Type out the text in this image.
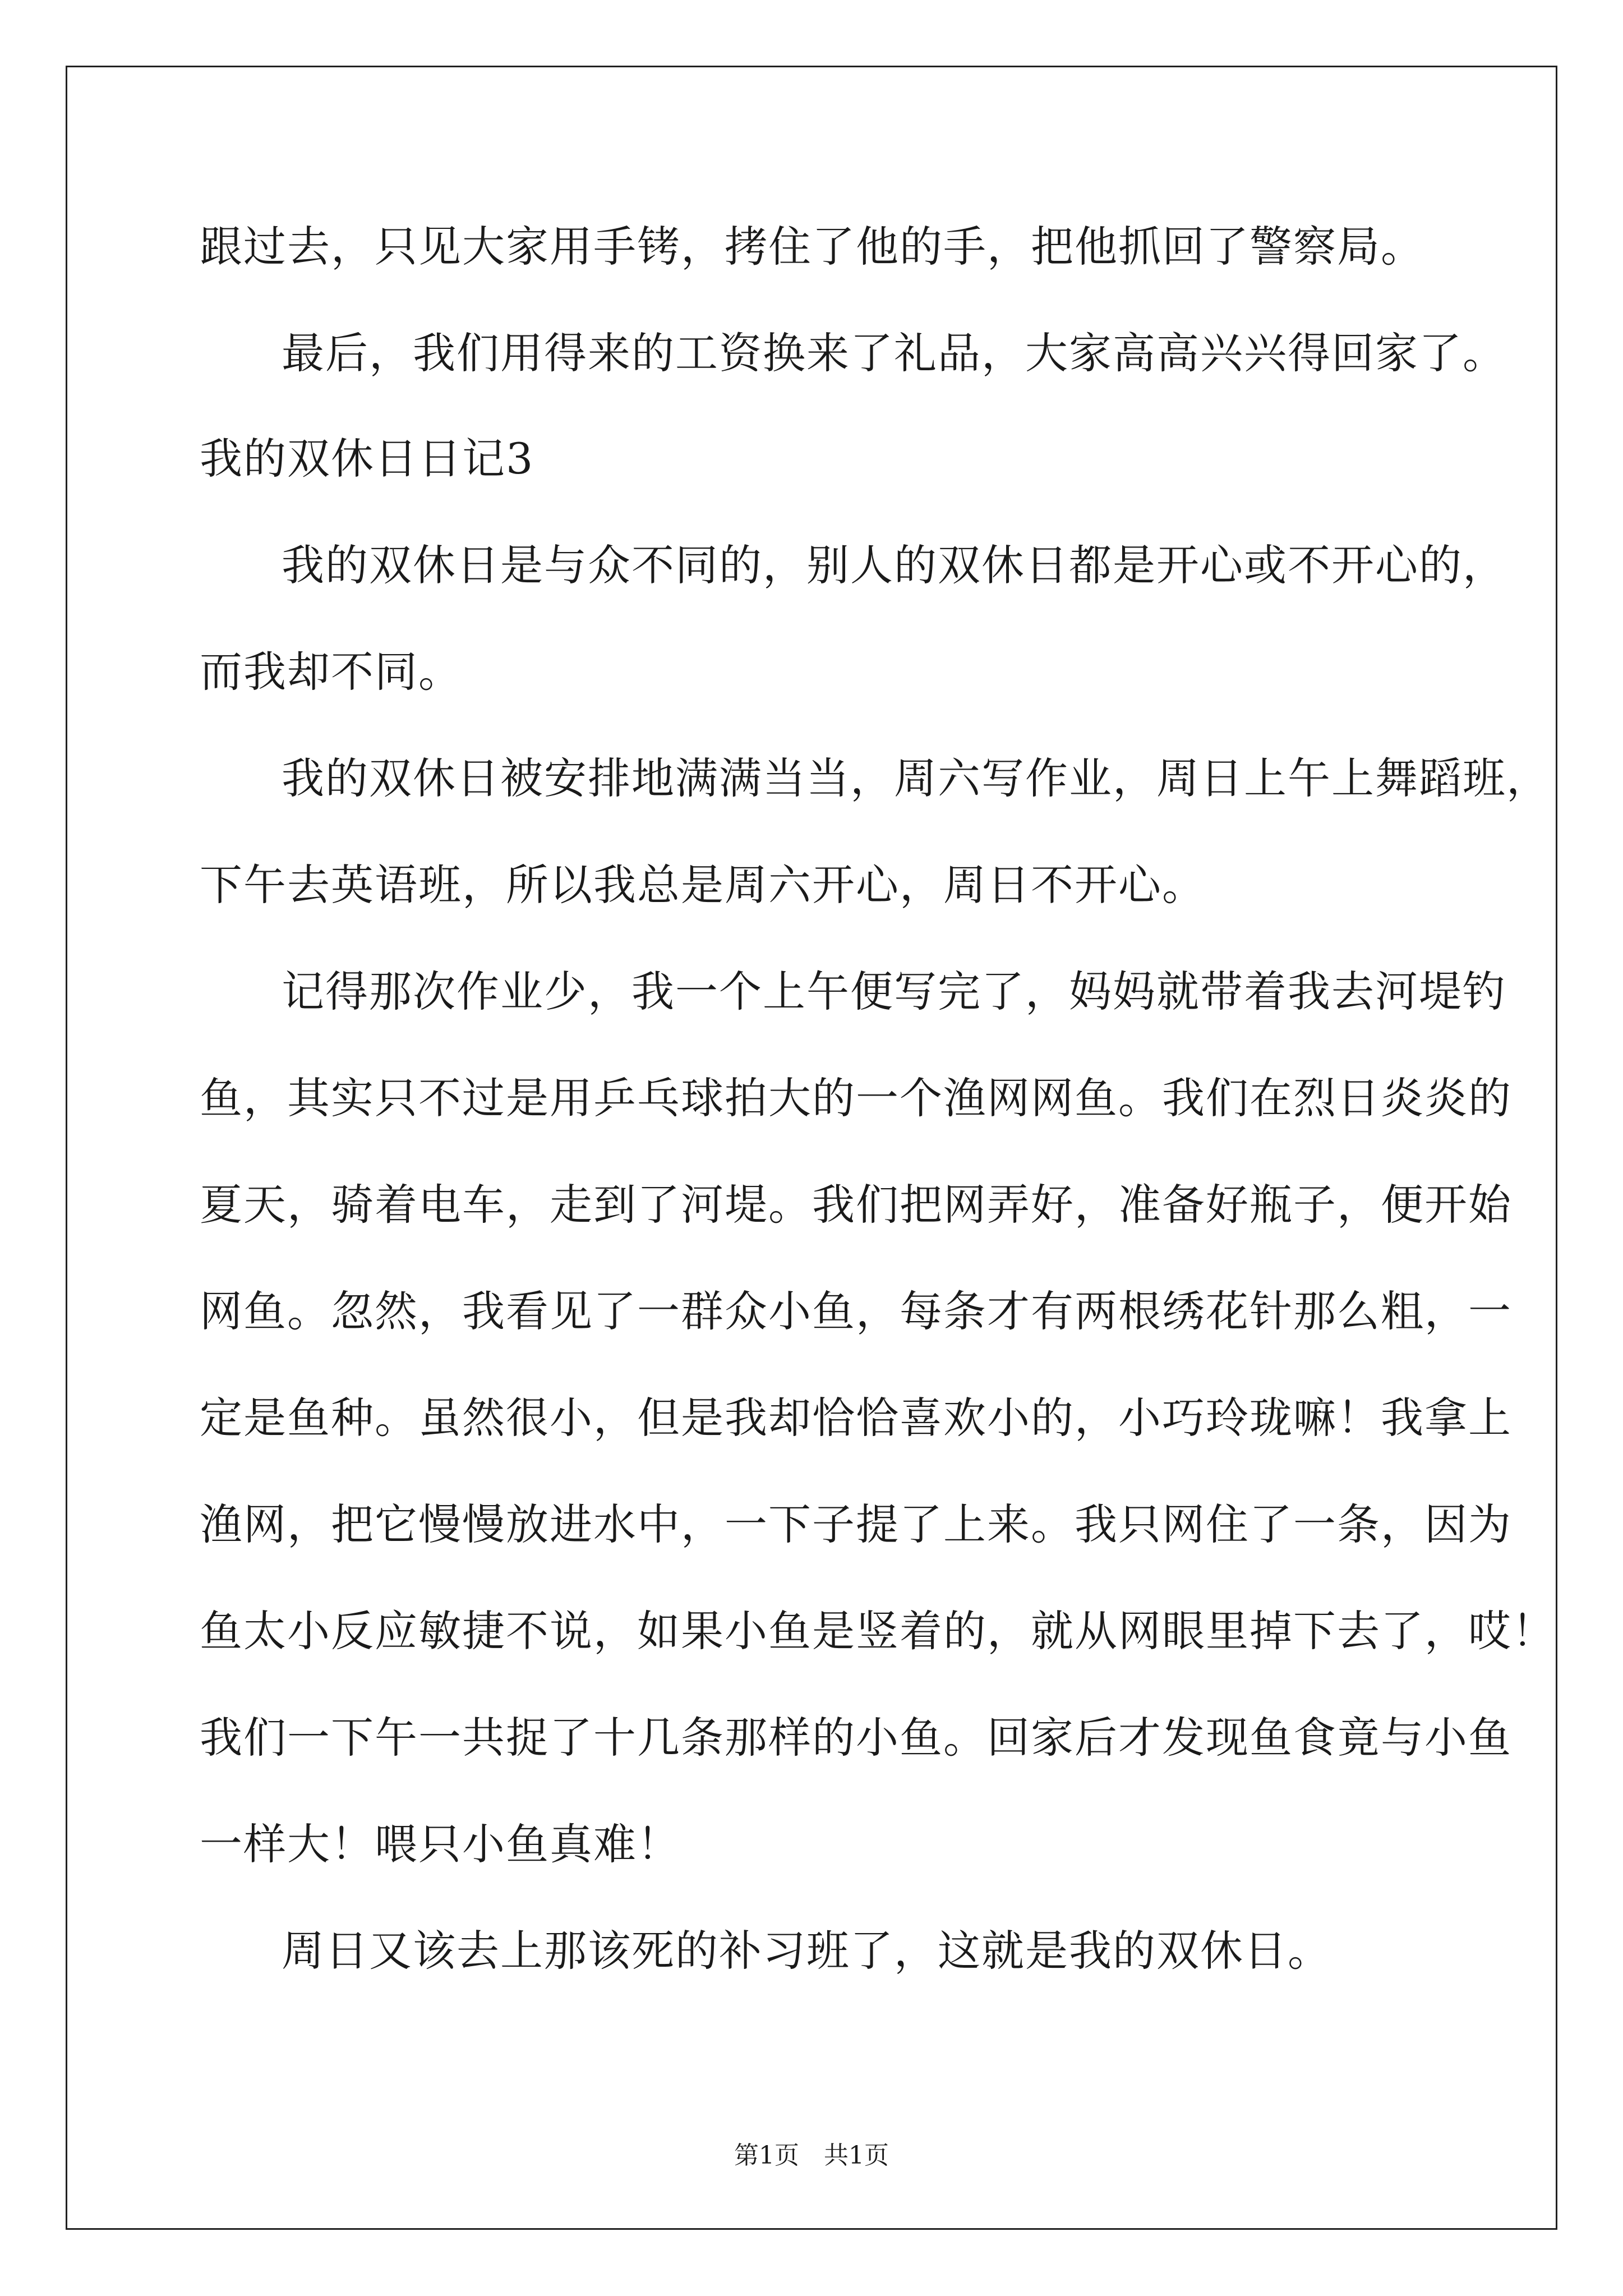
跟过去，只见大家用手铐，拷住了他的手，把他抓回了警察局。
最后，我们用得来的工资换来了礼品，大家高高兴兴得回家了。
我的双休日日记3
我的双休日是与众不同的，别人的双休日都是开心或不开心的，
而我却不同。
我的双休日被安排地满满当当，周六写作业，周日上午上舞蹈班，
下午去英语班，所以我总是周六开心，周日不开心。
记得那次作业少，我一个上午便写完了，妈妈就带着我去河堤钓
鱼，其实只不过是用乒乓球拍大的一个渔网网鱼。我们在烈日炎炎的
夏天，骑着电车，走到了河堤。我们把网弄好，准备好瓶子，便开始
网鱼。忽然，我看见了一群众小鱼，每条才有两根绣花针那么粗，一
定是鱼种。虽然很小，但是我却恰恰喜欢小的，小巧玲珑嘛！我拿上
渔网，把它慢慢放进水中，一下子提了上来。我只网住了一条，因为
鱼太小反应敏捷不说，如果小鱼是竖着的，就从网眼里掉下去了，哎！
我们一下午一共捉了十几条那样的小鱼。回家后才发现鱼食竟与小鱼
一样大！喂只小鱼真难！
周日又该去上那该死的补习班了，这就是我的双休日。
第1页 共1页
